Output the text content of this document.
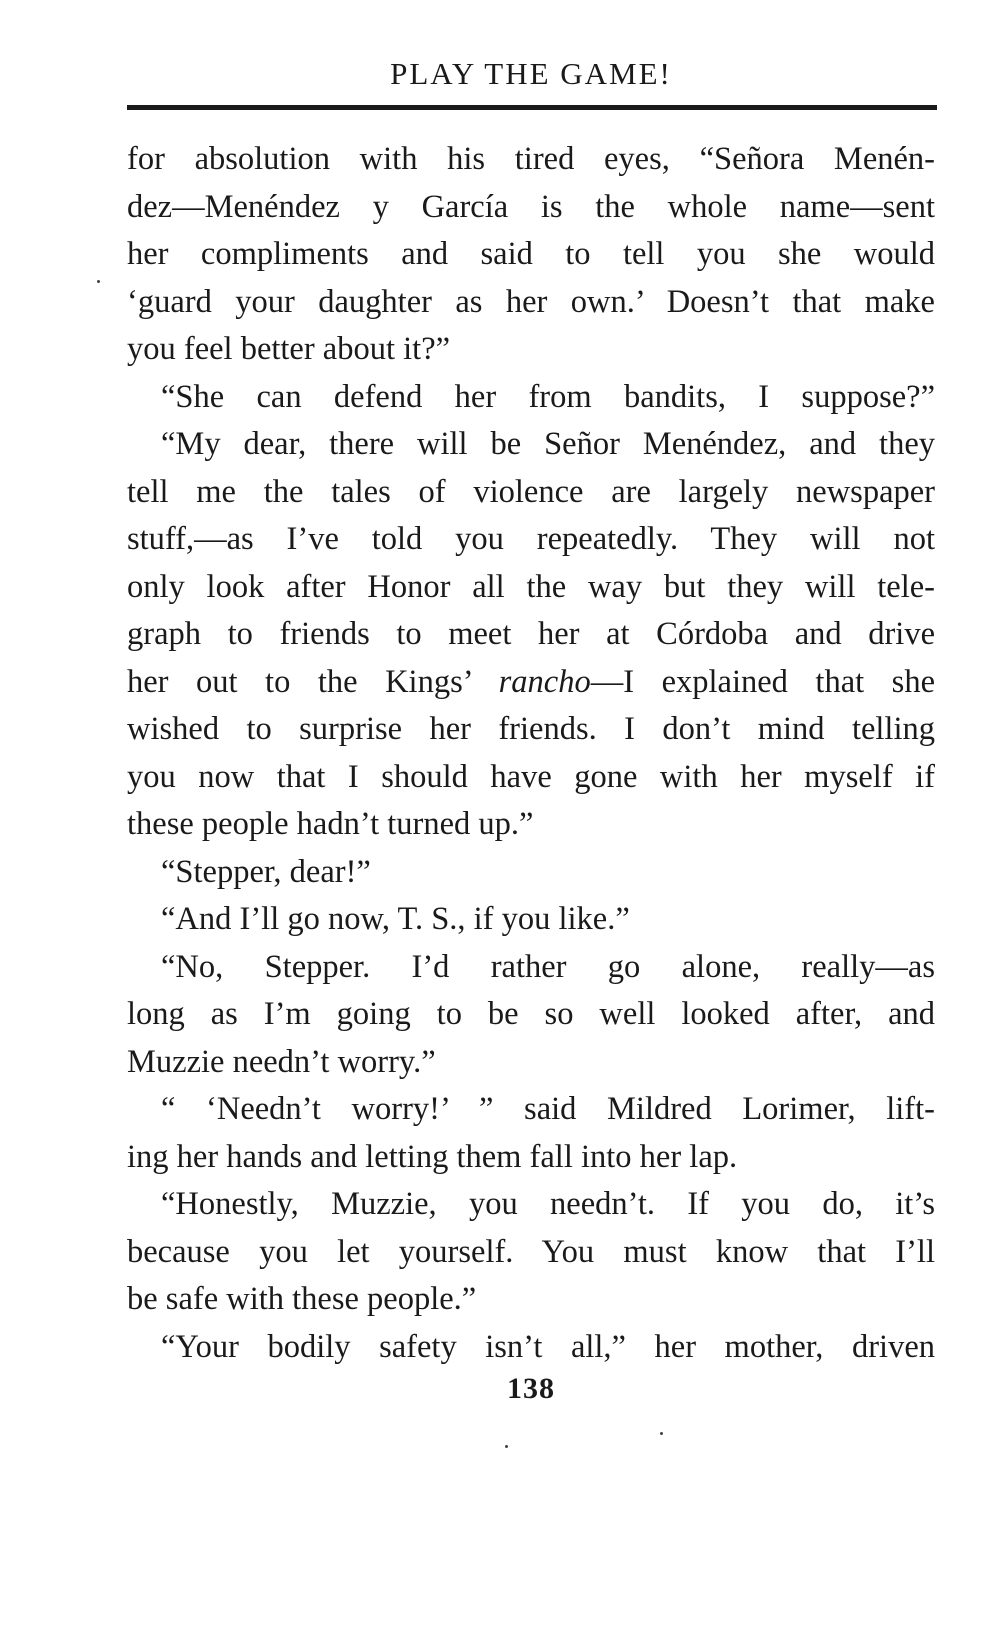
PLAY THE GAME!
for absolution with his tired eyes, “Señora Menén-
dez—Menéndez y García is the whole name—sent
her compliments and said to tell you she would
‘guard your daughter as her own.’ Doesn’t that make
you feel better about it?”
“She can defend her from bandits, I suppose?”
“My dear, there will be Señor Menéndez, and they
tell me the tales of violence are largely newspaper
stuff,—as I’ve told you repeatedly. They will not
only look after Honor all the way but they will tele-
graph to friends to meet her at Córdoba and drive
her out to the Kings’ rancho—I explained that she
wished to surprise her friends. I don’t mind telling
you now that I should have gone with her myself if
these people hadn’t turned up.”
“Stepper, dear!”
“And I’ll go now, T. S., if you like.”
“No, Stepper. I’d rather go alone, really—as
long as I’m going to be so well looked after, and
Muzzie needn’t worry.”
“ ‘Needn’t worry!’ ” said Mildred Lorimer, lift-
ing her hands and letting them fall into her lap.
“Honestly, Muzzie, you needn’t. If you do, it’s
because you let yourself. You must know that I’ll
be safe with these people.”
“Your bodily safety isn’t all,” her mother, driven
138
